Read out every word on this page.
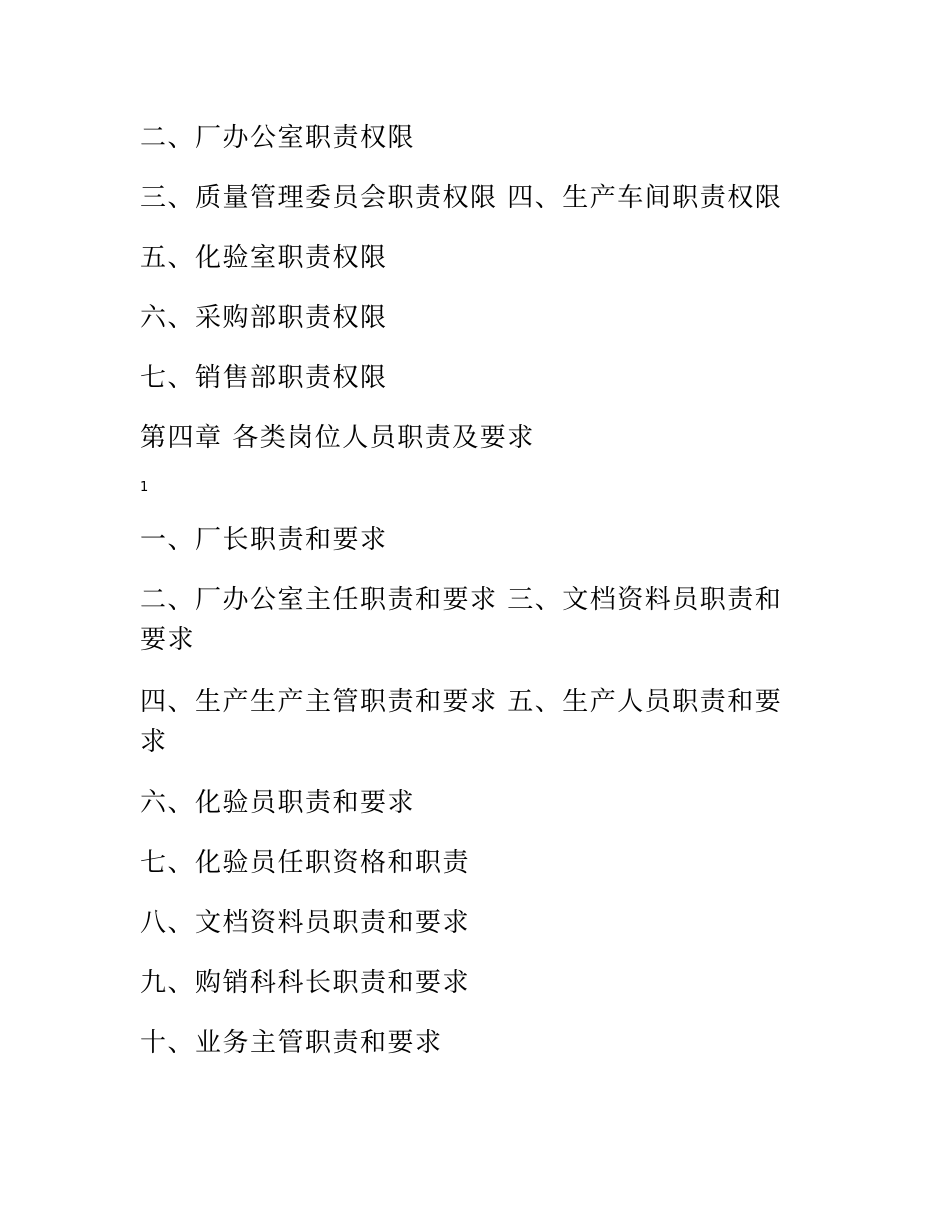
二、厂办公室职责权限
三、质量管理委员会职责权限 四、生产车间职责权限
五、化验室职责权限
六、采购部职责权限
七、销售部职责权限
第四章 各类岗位人员职责及要求
1
一、厂长职责和要求
二、厂办公室主任职责和要求 三、文档资料员职责和要求
四、生产生产主管职责和要求 五、生产人员职责和要求
六、化验员职责和要求
七、化验员任职资格和职责
八、文档资料员职责和要求
九、购销科科长职责和要求
十、业务主管职责和要求
